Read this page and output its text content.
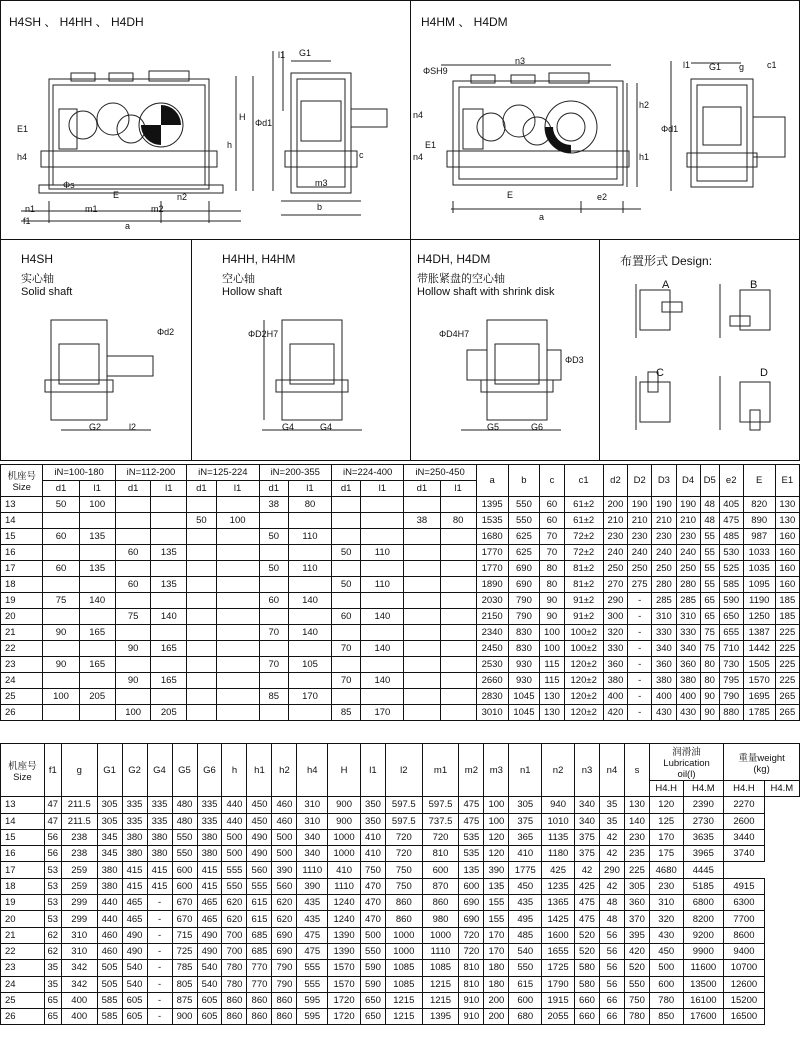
H4SH 、 H4HH 、 H4DH
l1 G1
Φd1
E1
h4
H
h
Φs
E	n2
n1	m1	m2
f1	a
m3
b
c
H4HM 、 H4DM
n3
ΦSH9
n4
E1
n4
Φd1
h2
h1
E	e2
a
l1 G1 g	c1
H4SH
实心轴
Solid shaft
Φd2
G2	l2
H4HH, H4HM
空心轴
Hollow shaft
ΦD2H7
G4	G4
H4DH, H4DM
带胀紧盘的空心轴
Hollow shaft with shrink disk
ΦD4H7
ΦD3
G5	G6
布置形式 Design:
A	B
C	D
机座号
Size	iN=100-180		iN=112-200		iN=125-224		iN=200-355		iN=224-400		iN=250-450		a	b	c	c1	d2	D2	D3	D4	D5	e2	E	E1
	d1	l1	d1	l1	d1	l1	d1	l1	d1	l1	d1	l1												
13	50	100					38	80					1395	550	60	61±2	200	190	190	190	48	405	820	130
14					50	100					38	80	1535	550	60	61±2	210	210	210	210	48	475	890	130
15	60	135					50	110					1680	625	70	72±2	230	230	230	230	55	485	987	160
16			60	135					50	110			1770	625	70	72±2	240	240	240	240	55	530	1033	160
17	60	135					50	110					1770	690	80	81±2	250	250	250	250	55	525	1035	160
18			60	135					50	110			1890	690	80	81±2	270	275	280	280	55	585	1095	160
19	75	140					60	140					2030	790	90	91±2	290	-	285	285	65	590	1190	185
20			75	140					60	140			2150	790	90	91±2	300	-	310	310	65	650	1250	185
21	90	165					70	140					2340	830	100	100±2	320	-	330	330	75	655	1387	225
22			90	165					70	140			2450	830	100	100±2	330	-	340	340	75	710	1442	225
23	90	165					70	105					2530	930	115	120±2	360	-	360	360	80	730	1505	225
24			90	165					70	140			2660	930	115	120±2	380	-	380	380	80	795	1570	225
25	100	205					85	170					2830	1045	130	120±2	400	-	400	400	90	790	1695	265
26			100	205					85	170			3010	1045	130	120±2	420	-	430	430	90	880	1785	265
机座号
Size	f1	g	G1	G2	G4	G5	G6	h	h1	h2	h4	H	l1	l2	m1	m2	m3	n1	n2	n3	n4	s	润滑油
Lubrication
oil(l)		重量weight
(kg)	
																							H4.H	H4.M	H4.H	H4.M
13	47	211.5	305	335	335	480	335	440	450	460	310	900	350	597.5	597.5	475	100	305	940	340	35	130	120	2390	2270	
14	47	211.5	305	335	335	480	335	440	450	460	310	900	350	597.5	737.5	475	100	375	1010	340	35	140	125	2730	2600	
15	56	238	345	380	380	550	380	500	490	500	340	1000	410	720	720	535	120	365	1135	375	42	230	170	3635	3440	
16	56	238	345	380	380	550	380	500	490	500	340	1000	410	720	810	535	120	410	1180	375	42	235	175	3965	3740	
17	53	259	380	415	415	600	415	555	560	390	1110	410	750	750	600	135	390	1775	425	42	290	225	4680	4445		
18	53	259	380	415	415	600	415	550	555	560	390	1110	470	750	870	600	135	450	1235	425	42	305	230	5185	4915	
19	53	299	440	465	-	670	465	620	615	620	435	1240	470	860	860	690	155	435	1365	475	48	360	310	6800	6300	
20	53	299	440	465	-	670	465	620	615	620	435	1240	470	860	980	690	155	495	1425	475	48	370	320	8200	7700	
21	62	310	460	490	-	715	490	700	685	690	475	1390	500	1000	1000	720	170	485	1600	520	56	395	430	9200	8600	
22	62	310	460	490	-	725	490	700	685	690	475	1390	550	1000	1110	720	170	540	1655	520	56	420	450	9900	9400	
23	35	342	505	540	-	785	540	780	770	790	555	1570	590	1085	1085	810	180	550	1725	580	56	520	500	11600	10700	
24	35	342	505	540	-	805	540	780	770	790	555	1570	590	1085	1215	810	180	615	1790	580	56	550	600	13500	12600	
25	65	400	585	605	-	875	605	860	860	860	595	1720	650	1215	1215	910	200	600	1915	660	66	750	780	16100	15200	
26	65	400	585	605	-	900	605	860	860	860	595	1720	650	1215	1395	910	200	680	2055	660	66	780	850	17600	16500	
